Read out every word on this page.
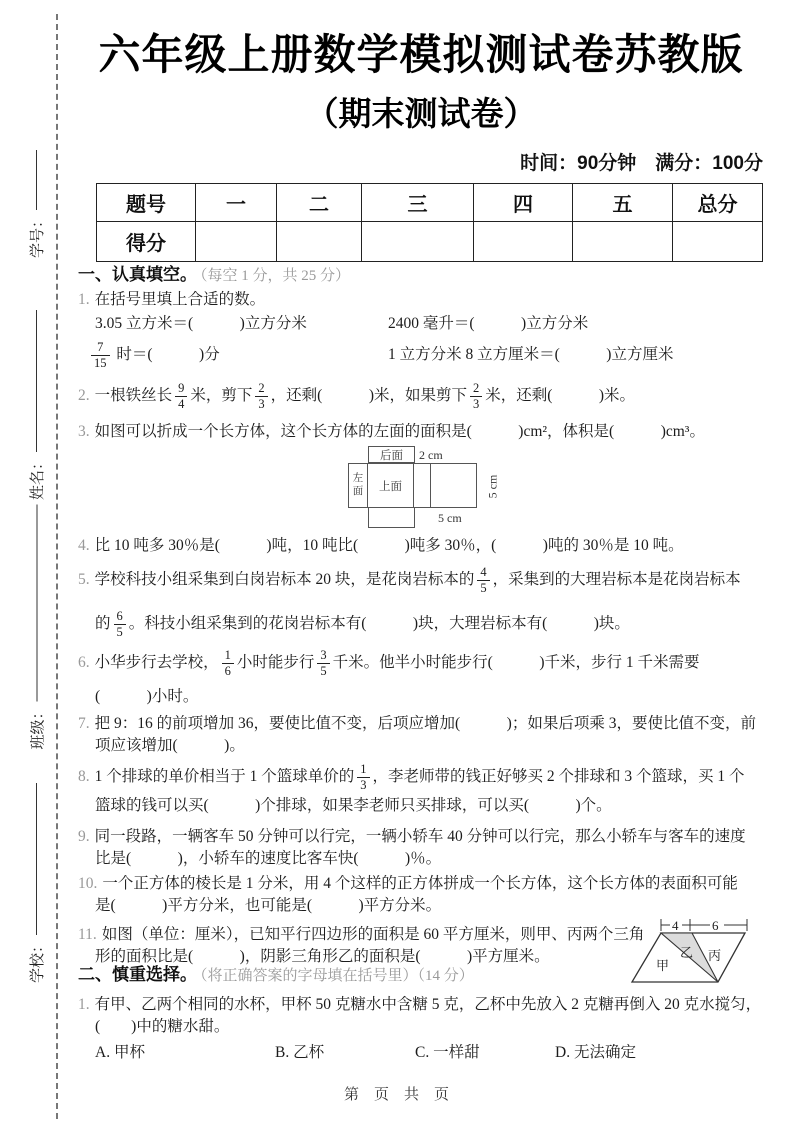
学号：
姓名：
班级：
学校：
六年级上册数学模拟测试卷苏教版
（期末测试卷）
时间：90分钟　满分：100分
题号	一	二	三	四	五	总分
得分						
一、认真填空。 （每空 1 分，共 25 分）
1. 在括号里填上合适的数。
3.05 立方米＝(　　　)立方分米	2400 毫升＝(　　　)立方分米
$\frac{7}{15}$ 时＝(　　　)分	1 立方分米 8 立方厘米＝(　　　)立方厘米
2. 一根铁丝长 $\frac{9}{4}$ 米，剪下 $\frac{2}{3}$ ，还剩(　　　)米，如果剪下 $\frac{2}{3}$ 米，还剩(　　　)米。
3. 如图可以折成一个长方体，这个长方体的左面的面积是(　　　)cm²，体积是(　　　)cm³。
后面 2 cm
左面 上面	5 cm
5 cm
4. 比 10 吨多 30％是(　　　)吨，10 吨比(　　　)吨多 30％，(　　　)吨的 30％是 10 吨。
5. 学校科技小组采集到白岗岩标本 20 块，是花岗岩标本的 $\frac{4}{5}$ ，采集到的大理岩标本是花岗岩标本
的 $\frac{6}{5}$ 。科技小组采集到的花岗岩标本有(　　　)块，大理岩标本有(　　　)块。
6. 小华步行去学校， $\frac{1}{6}$ 小时能步行 $\frac{3}{5}$ 千米。他半小时能步行(　　　)千米，步行 1 千米需要
(　　　)小时。
7. 把 9：16 的前项增加 36，要使比值不变，后项应增加(　　　)；如果后项乘 3，要使比值不变，前
项应该增加(　　　)。
8. 1 个排球的单价相当于 1 个篮球单价的 $\frac{1}{3}$ ，李老师带的钱正好够买 2 个排球和 3 个篮球，买 1 个
篮球的钱可以买(　　　)个排球，如果李老师只买排球，可以买(　　　)个。
9. 同一段路，一辆客车 50 分钟可以行完，一辆小轿车 40 分钟可以行完，那么小轿车与客车的速度
比是(　　　)，小轿车的速度比客车快(　　　)％。
10. 一个正方体的棱长是 1 分米，用 4 个这样的正方体拼成一个长方体，这个长方体的表面积可能
是(　　　)平方分米，也可能是(　　　)平方分米。
11. 如图（单位：厘米），已知平行四边形的面积是 60 平方厘米，则甲、丙两个三角
形的面积比是(　　　)，阴影三角形乙的面积是(　　　)平方厘米。
4	6
甲
乙 丙
二、慎重选择。 （将正确答案的字母填在括号里）（14 分）
1. 有甲、乙两个相同的水杯，甲杯 50 克糖水中含糖 5 克，乙杯中先放入 2 克糖再倒入 20 克水搅匀，
(　　)中的糖水甜。
A. 甲杯	B. 乙杯	C. 一样甜	D. 无法确定
第　页　共　页
